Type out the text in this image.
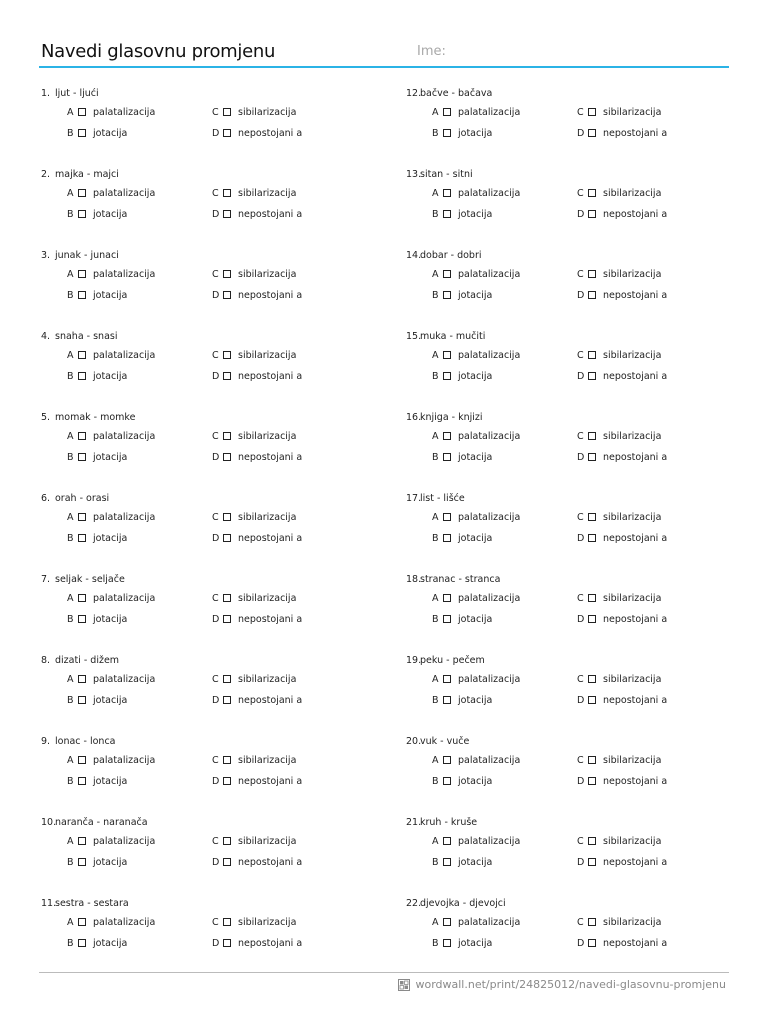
Navedi glasovnu promjenu	Ime:
1. ljut - ljući
A palatalizacija
B jotacija
C sibilarizacija
D nepostojani a
2. majka - majci
A palatalizacija
B jotacija
C sibilarizacija
D nepostojani a
3. junak - junaci
A palatalizacija
B jotacija
C sibilarizacija
D nepostojani a
4. snaha - snasi
A palatalizacija
B jotacija
C sibilarizacija
D nepostojani a
5. momak - momke
A palatalizacija
B jotacija
C sibilarizacija
D nepostojani a
6. orah - orasi
A palatalizacija
B jotacija
C sibilarizacija
D nepostojani a
7. seljak - seljače
A palatalizacija
B jotacija
C sibilarizacija
D nepostojani a
8. dizati - dižem
A palatalizacija
B jotacija
C sibilarizacija
D nepostojani a
9. lonac - lonca
A palatalizacija
B jotacija
C sibilarizacija
D nepostojani a
10.
naranča - naranača
A palatalizacija
B jotacija
C sibilarizacija
D nepostojani a
11.
sestra - sestara
A palatalizacija
B jotacija
C sibilarizacija
D nepostojani a
12.
bačve - bačava
A palatalizacija
B jotacija
C sibilarizacija
D nepostojani a
13.
sitan - sitni
A palatalizacija
B jotacija
C sibilarizacija
D nepostojani a
14.
dobar - dobri
A palatalizacija
B jotacija
C sibilarizacija
D nepostojani a
15.
muka - mučiti
A palatalizacija
B jotacija
C sibilarizacija
D nepostojani a
16.
knjiga - knjizi
A palatalizacija
B jotacija
C sibilarizacija
D nepostojani a
17.
list - lišće
A palatalizacija
B jotacija
C sibilarizacija
D nepostojani a
18.
stranac - stranca
A palatalizacija
B jotacija
C sibilarizacija
D nepostojani a
19.
peku - pečem
A palatalizacija
B jotacija
C sibilarizacija
D nepostojani a
20.
vuk - vuče
A palatalizacija
B jotacija
C sibilarizacija
D nepostojani a
21.
kruh - kruše
A palatalizacija
B jotacija
C sibilarizacija
D nepostojani a
22.
djevojka - djevojci
A palatalizacija
B jotacija
C sibilarizacija
D nepostojani a
wordwall.net/print/24825012/navedi-glasovnu-promjenu
